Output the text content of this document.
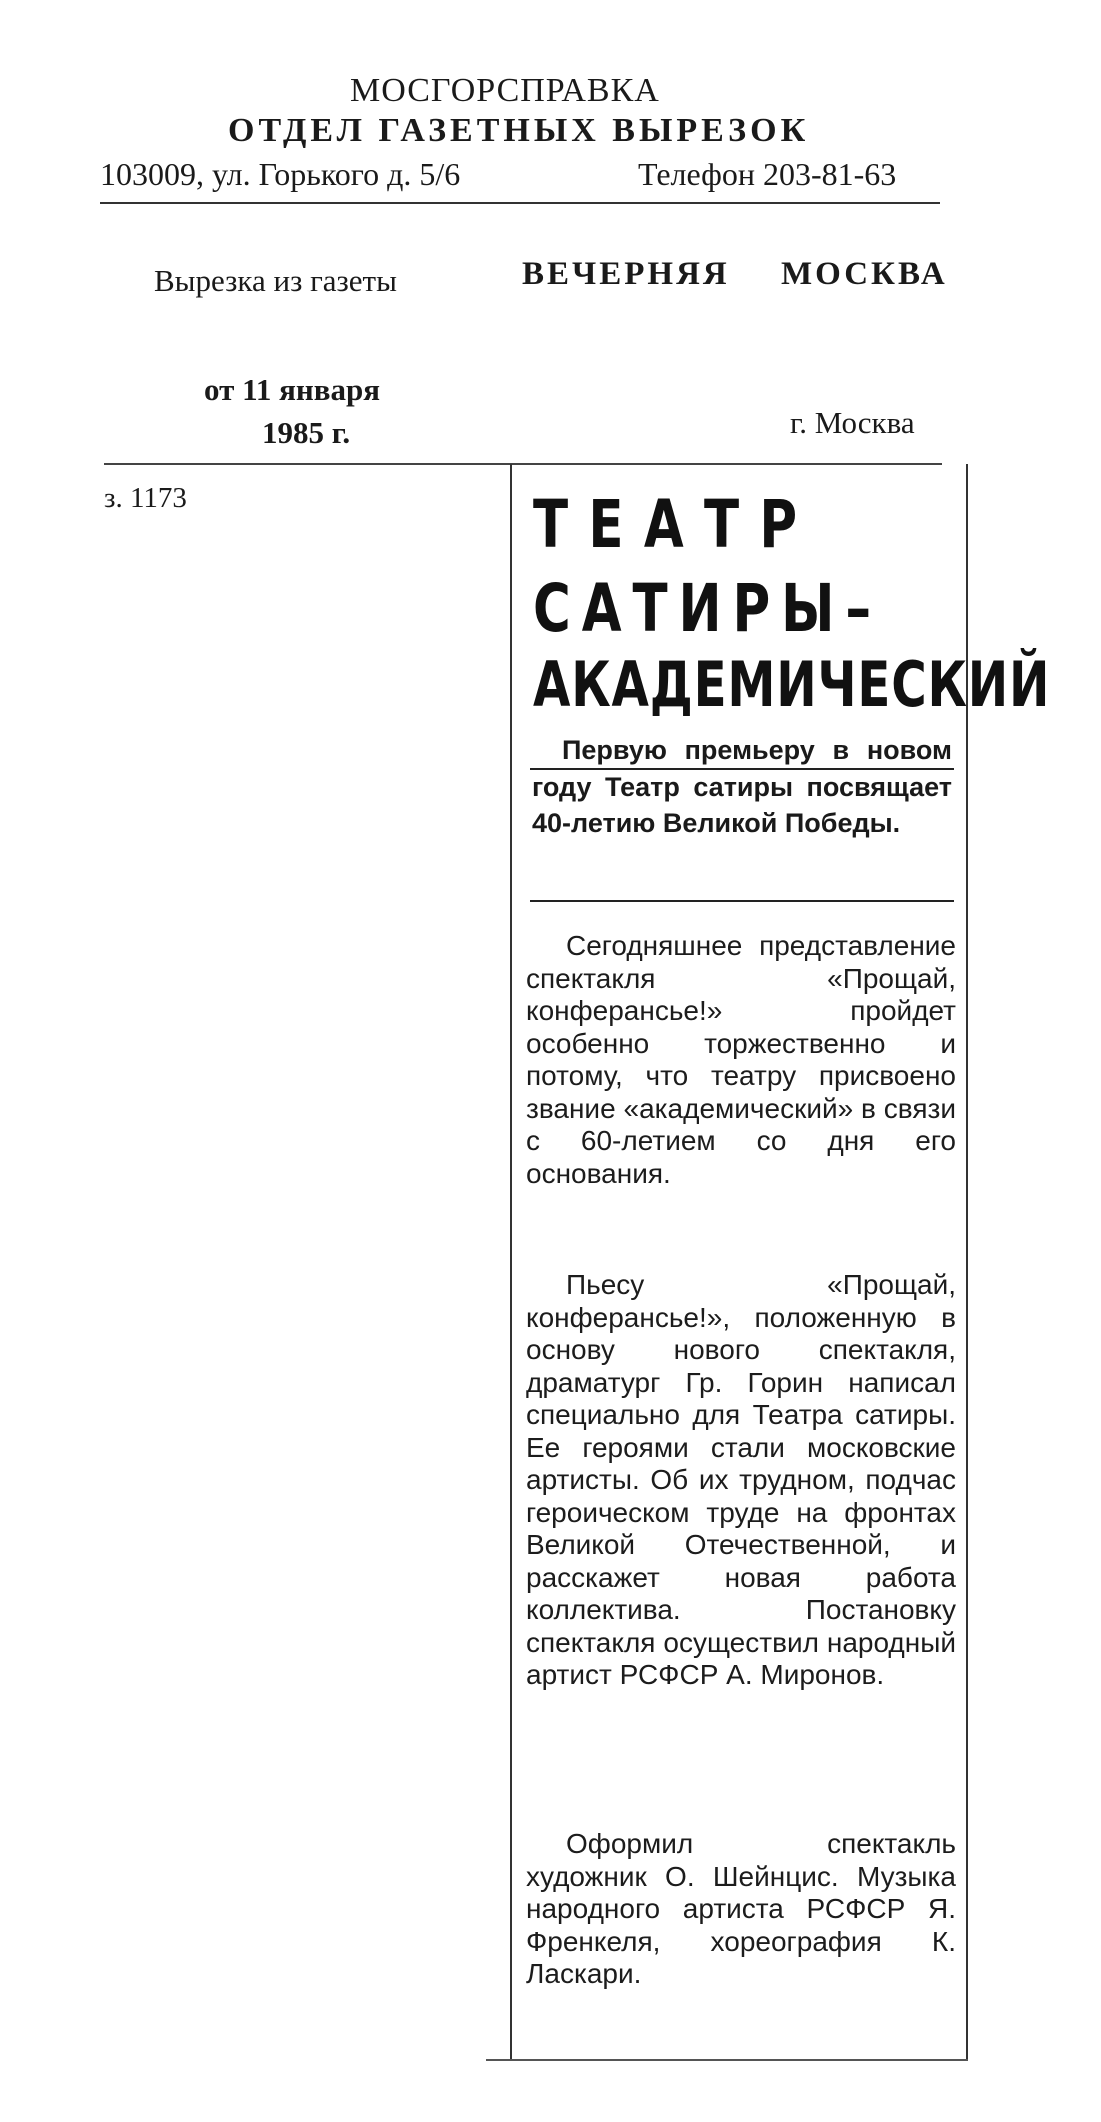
МОСГОРСПРАВКА
ОТДЕЛ ГАЗЕТНЫХ ВЫРЕЗОК
103009, ул. Горького д. 5/6	Телефон 203-81-63
Вырезка из газеты	ВЕЧЕРНЯЯ МОСКВА
от 11 января
1985 г.	г. Москва
з. 1173	ТЕАТР
САТИРЫ–
АКАДЕМИЧЕСКИЙ

Первую премьеру в новом году Театр сатиры посвящает 40-летию Великой Победы.

Сегодняшнее представление спектакля «Прощай, конферансье!» пройдет особенно торжественно и потому, что театру присвоено звание «академический» в связи с 60-летием со дня его основания.

Пьесу «Прощай, конферансье!», положенную в основу нового спектакля, драматург Гр. Горин написал специально для Театра сатиры. Ее героями стали московские артисты. Об их трудном, подчас героическом труде на фронтах Великой Отечественной, и расскажет новая работа коллектива. Постановку спектакля осуществил народный артист РСФСР А. Миронов.

Оформил спектакль художник О. Шейнцис. Музыка народного артиста РСФСР Я. Френкеля, хореография К. Ласкари.
